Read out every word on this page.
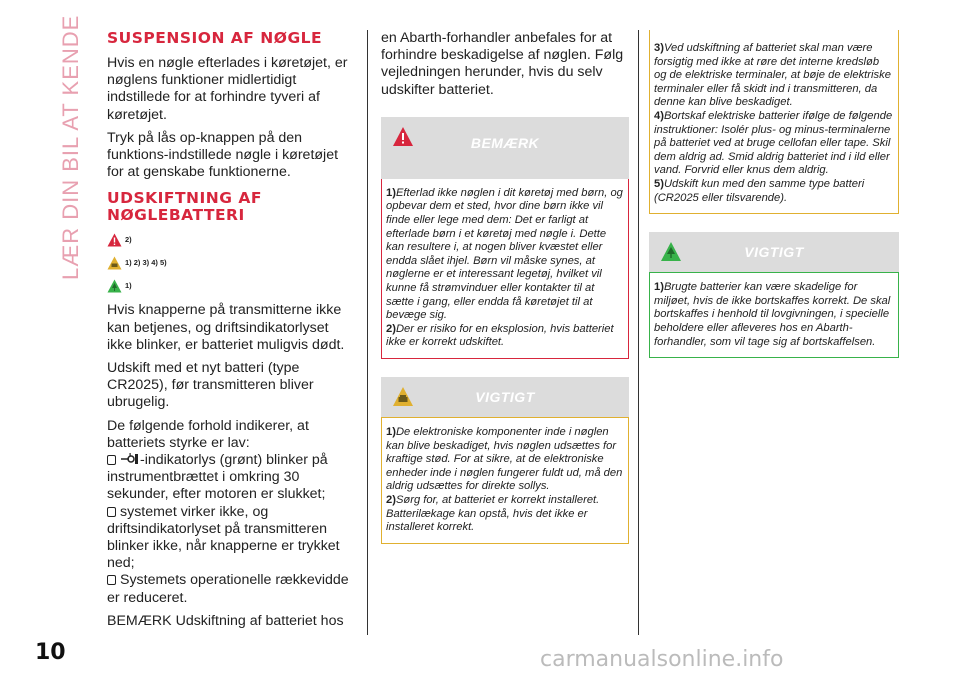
LÆR DIN BIL AT KENDE	SUSPENSION AF NØGLE

Hvis en nøgle efterlades i køretøjet, er nøglens funktioner midlertidigt indstillede for at forhindre tyveri af køretøjet.

Tryk på lås op-knappen på den funktions-indstillede nøgle i køretøjet for at genskabe funktionerne.

UDSKIFTNING AF NØGLEBATTERI
2)
1) 2) 3) 4) 5)
1)

Hvis knapperne på transmitterne ikke kan betjenes, og driftsindikatorlyset ikke blinker, er batteriet muligvis dødt.

Udskift med et nyt batteri (type CR2025), før transmitteren bliver ubrugelig.

De følgende forhold indikerer, at batteriets styrke er lav:

-indikatorlys (grønt) blinker på instrumentbrættet i omkring 30 sekunder, efter motoren er slukket;

systemet virker ikke, og driftsindikatorlyset på transmitteren blinker ikke, når knapperne er trykket ned;

Systemets operationelle rækkevidde er reduceret.

BEMÆRK Udskiftning af batteriet hos

en Abarth-forhandler anbefales for at forhindre beskadigelse af nøglen. Følg vejledningen herunder, hvis du selv udskifter batteriet.

BEMÆRK

1)Efterlad ikke nøglen i dit køretøj med børn, og opbevar dem et sted, hvor dine børn ikke vil finde eller lege med dem: Det er farligt at efterlade børn i et køretøj med nøgle i. Dette kan resultere i, at nogen bliver kvæstet eller endda slået ihjel. Børn vil måske synes, at nøglerne er et interessant legetøj, hvilket vil kunne få strømvinduer eller kontakter til at sætte i gang, eller endda få køretøjet til at bevæge sig.

2)Der er risiko for en eksplosion, hvis batteriet ikke er korrekt udskiftet.

VIGTIGT

1)De elektroniske komponenter inde i nøglen kan blive beskadiget, hvis nøglen udsættes for kraftige stød. For at sikre, at de elektroniske enheder inde i nøglen fungerer fuldt ud, må den aldrig udsættes for direkte sollys.

2)Sørg for, at batteriet er korrekt installeret. Batterilækage kan opstå, hvis det ikke er installeret korrekt.

3)Ved udskiftning af batteriet skal man være forsigtig med ikke at røre det interne kredsløb og de elektriske terminaler, at bøje de elektriske terminaler eller få skidt ind i transmitteren, da denne kan blive beskadiget.

4)Bortskaf elektriske batterier ifølge de følgende instruktioner: Isolér plus- og minus-terminalerne på batteriet ved at bruge cellofan eller tape. Skil dem aldrig ad. Smid aldrig batteriet ind i ild eller vand. Forvrid eller knus dem aldrig.

5)Udskift kun med den samme type batteri (CR2025 eller tilsvarende).

VIGTIGT

1)Brugte batterier kan være skadelige for miljøet, hvis de ikke bortskaffes korrekt. De skal bortskaffes i henhold til lovgivningen, i specielle beholdere eller afleveres hos en Abarth-forhandler, som vil tage sig af bortskaffelsen.

10	carmanualsonline.info
